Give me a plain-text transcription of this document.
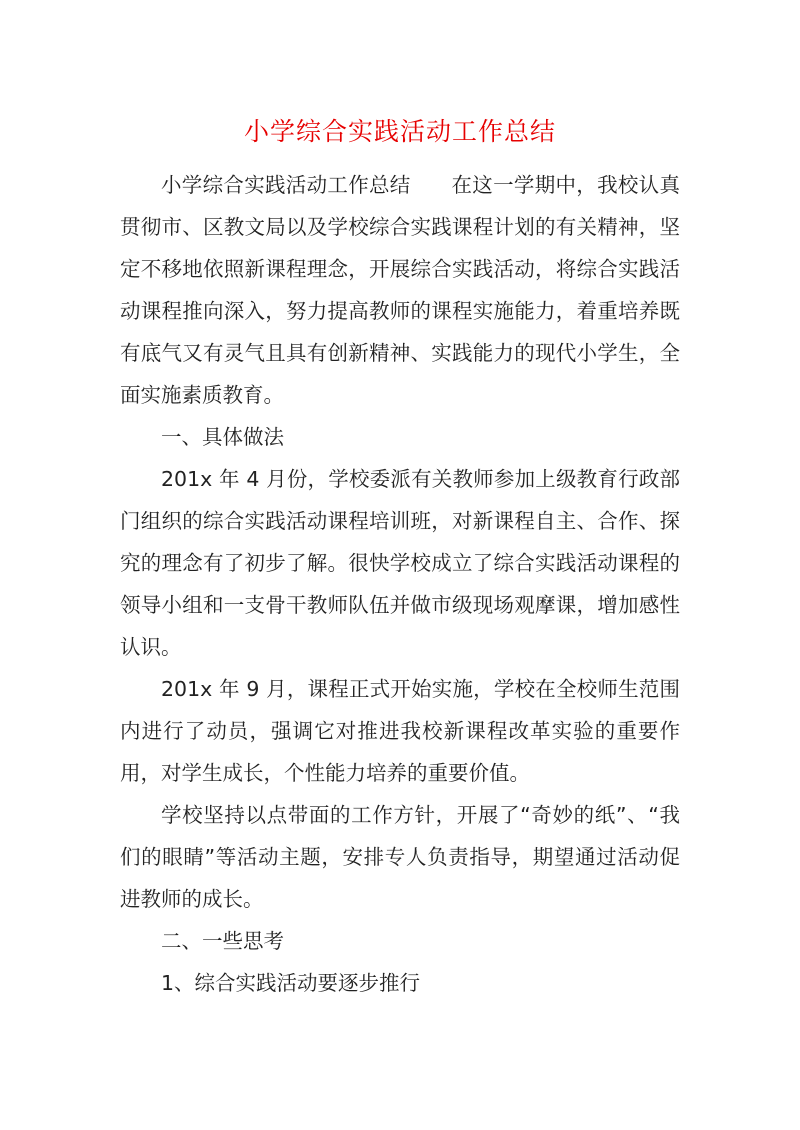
小学综合实践活动工作总结

小学综合实践活动工作总结      在这一学期中，我校认真贯彻市、区教文局以及学校综合实践课程计划的有关精神，坚定不移地依照新课程理念，开展综合实践活动，将综合实践活动课程推向深入，努力提高教师的课程实施能力，着重培养既有底气又有灵气且具有创新精神、实践能力的现代小学生，全面实施素质教育。

一、具体做法

201x 年 4 月份，学校委派有关教师参加上级教育行政部门组织的综合实践活动课程培训班，对新课程自主、合作、探究的理念有了初步了解。很快学校成立了综合实践活动课程的领导小组和一支骨干教师队伍并做市级现场观摩课，增加感性认识。

201x 年 9 月，课程正式开始实施，学校在全校师生范围内进行了动员，强调它对推进我校新课程改革实验的重要作用，对学生成长，个性能力培养的重要价值。

学校坚持以点带面的工作方针，开展了“奇妙的纸”、“我们的眼睛”等活动主题，安排专人负责指导，期望通过活动促进教师的成长。

二、一些思考

1、综合实践活动要逐步推行
